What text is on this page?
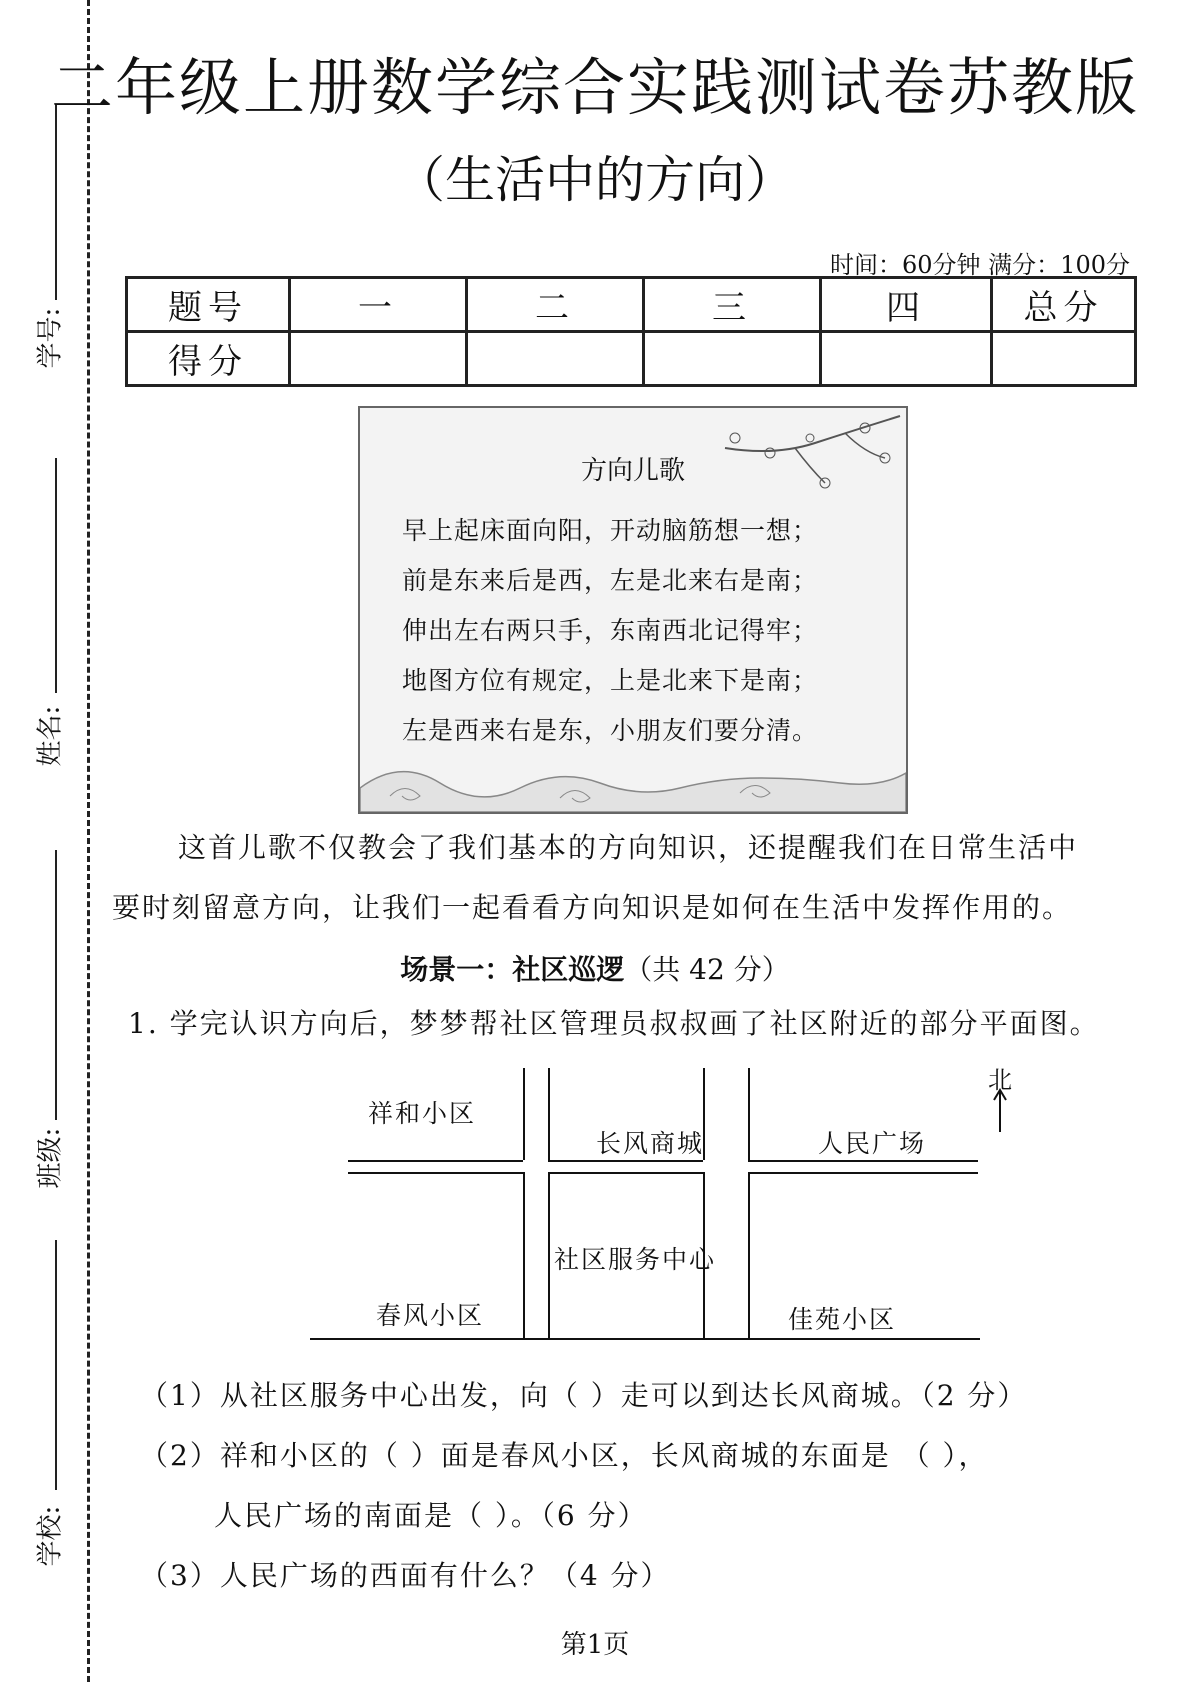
学号:
姓名:
班级:
学校:
二年级上册数学综合实践测试卷苏教版
（生活中的方向）
时间：60分钟 满分：100分
题号	一	二	三	四	总分
得分					
方向儿歌
早上起床面向阳，开动脑筋想一想；
前是东来后是西，左是北来右是南；
伸出左右两只手，东南西北记得牢；
地图方位有规定，上是北来下是南；
左是西来右是东，小朋友们要分清。
这首儿歌不仅教会了我们基本的方向知识，还提醒我们在日常生活中
要时刻留意方向，让我们一起看看方向知识是如何在生活中发挥作用的。
场景一：社区巡逻（共 42 分）
1. 学完认识方向后，梦梦帮社区管理员叔叔画了社区附近的部分平面图。
祥和小区
长风商城	人民广场
社区服务中心
春风小区	佳苑小区
北
（1）从社区服务中心出发，向（ ）走可以到达长风商城。（2 分）
（2）祥和小区的（ ）面是春风小区，长风商城的东面是 （ ），
人民广场的南面是（ ）。（6 分）
（3）人民广场的西面有什么？（4 分）
第1页
